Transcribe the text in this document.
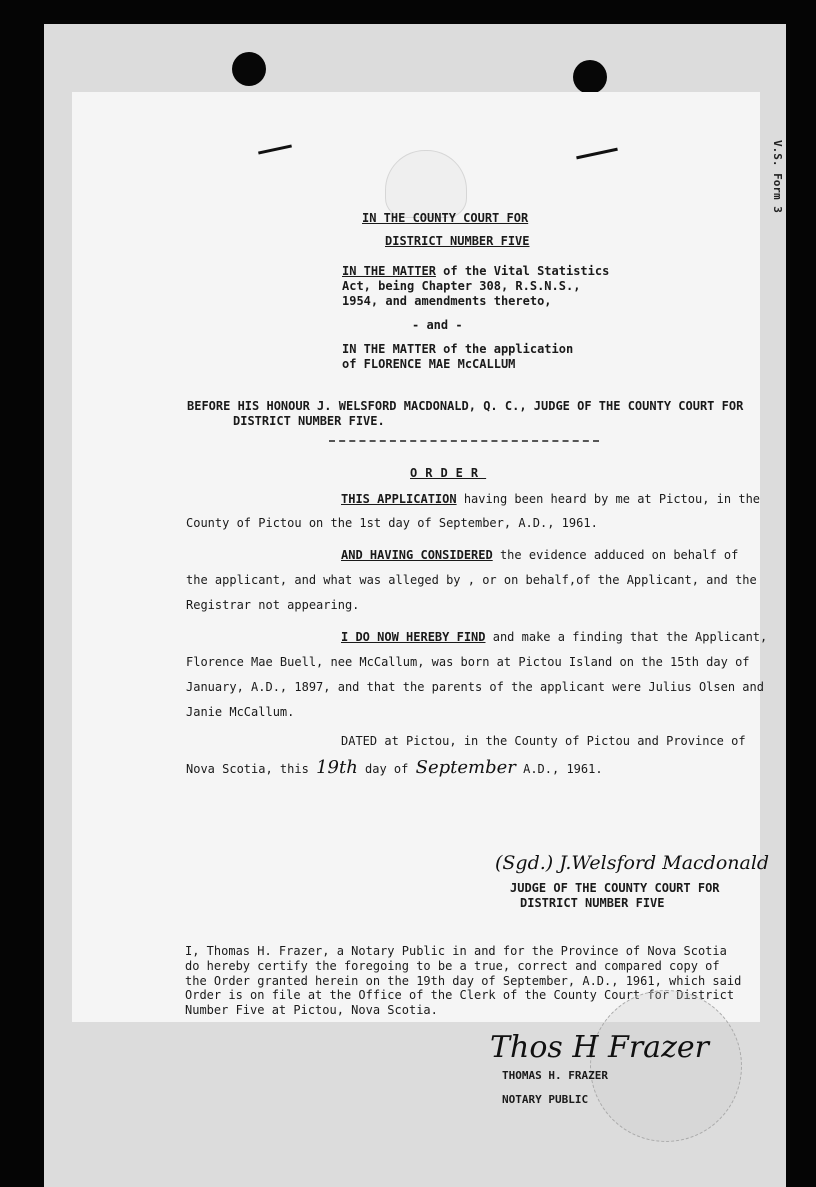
V.S. Form 3
IN THE COUNTY COURT FOR
DISTRICT NUMBER FIVE
IN THE MATTER of the Vital Statistics
Act, being Chapter 308, R.S.N.S.,
1954, and amendments thereto,
- and -
IN THE MATTER of the application
of FLORENCE MAE McCALLUM
BEFORE HIS HONOUR J. WELSFORD MACDONALD, Q. C., JUDGE OF THE COUNTY COURT FOR
DISTRICT NUMBER FIVE.
ORDER
THIS APPLICATION having been heard by me at Pictou, in the
County of Pictou on the 1st day of September, A.D., 1961.
AND HAVING CONSIDERED the evidence adduced on behalf of
the applicant, and what was alleged by , or on behalf,of the Applicant, and the
Registrar not appearing.
I DO NOW HEREBY FIND and make a finding that the Applicant,
Florence Mae Buell, nee McCallum, was born at Pictou Island on the 15th day of
January, A.D., 1897, and that the parents of the applicant were Julius Olsen and
Janie McCallum.
DATED at Pictou, in the County of Pictou and Province of
Nova Scotia, this 19th day of September A.D., 1961.
(Sgd.) J.Welsford Macdonald
JUDGE OF THE COUNTY COURT FOR
DISTRICT NUMBER FIVE
I, Thomas H. Frazer, a Notary Public in and for the Province of Nova Scotia
do hereby certify the foregoing to be a true, correct and compared copy of
the Order granted herein on the 19th day of September, A.D., 1961, which said
Order is on file at the Office of the Clerk of the County Court for District
Number Five at Pictou, Nova Scotia.
Thos H Frazer
THOMAS H. FRAZER
NOTARY PUBLIC
